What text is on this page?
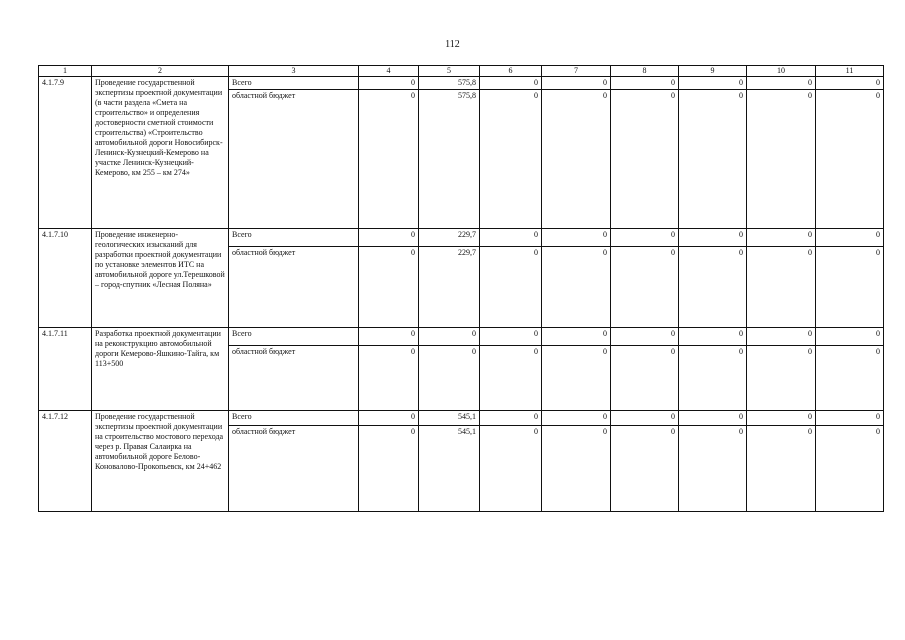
112
1	2	3	4	5	6	7	8	9	10	11
4.1.7.9	Проведение государственной экспертизы проектной документации (в части раздела «Смета на строительство» и определения достоверности сметной стоимости строительства) «Строительство автомобильной дороги Новосибирск-Ленинск-Кузнецкий-Кемерово на участке Ленинск-Кузнецкий-Кемерово, км 255 – км 274»	Всего	0	575,8	0	0	0	0	0	0
		областной бюджет	0	575,8	0	0	0	0	0	0
4.1.7.10	Проведение инженерно-геологических изысканий для разработки проектной документации по установке элементов ИТС на автомобильной дороге ул.Терешковой – город-спутник «Лесная Поляна»	Всего	0	229,7	0	0	0	0	0	0
		областной бюджет	0	229,7	0	0	0	0	0	0
4.1.7.11	Разработка проектной документации на реконструкцию автомобильной дороги Кемерово-Яшкино-Тайга, км 113+500	Всего	0	0	0	0	0	0	0	0
		областной бюджет	0	0	0	0	0	0	0	0
4.1.7.12	Проведение государственной экспертизы проектной документации на строительство мостового перехода через р. Правая Салаирка на автомобильной дороге Белово-Коновалово-Прокопьевск, км 24+462	Всего	0	545,1	0	0	0	0	0	0
		областной бюджет	0	545,1	0	0	0	0	0	0
